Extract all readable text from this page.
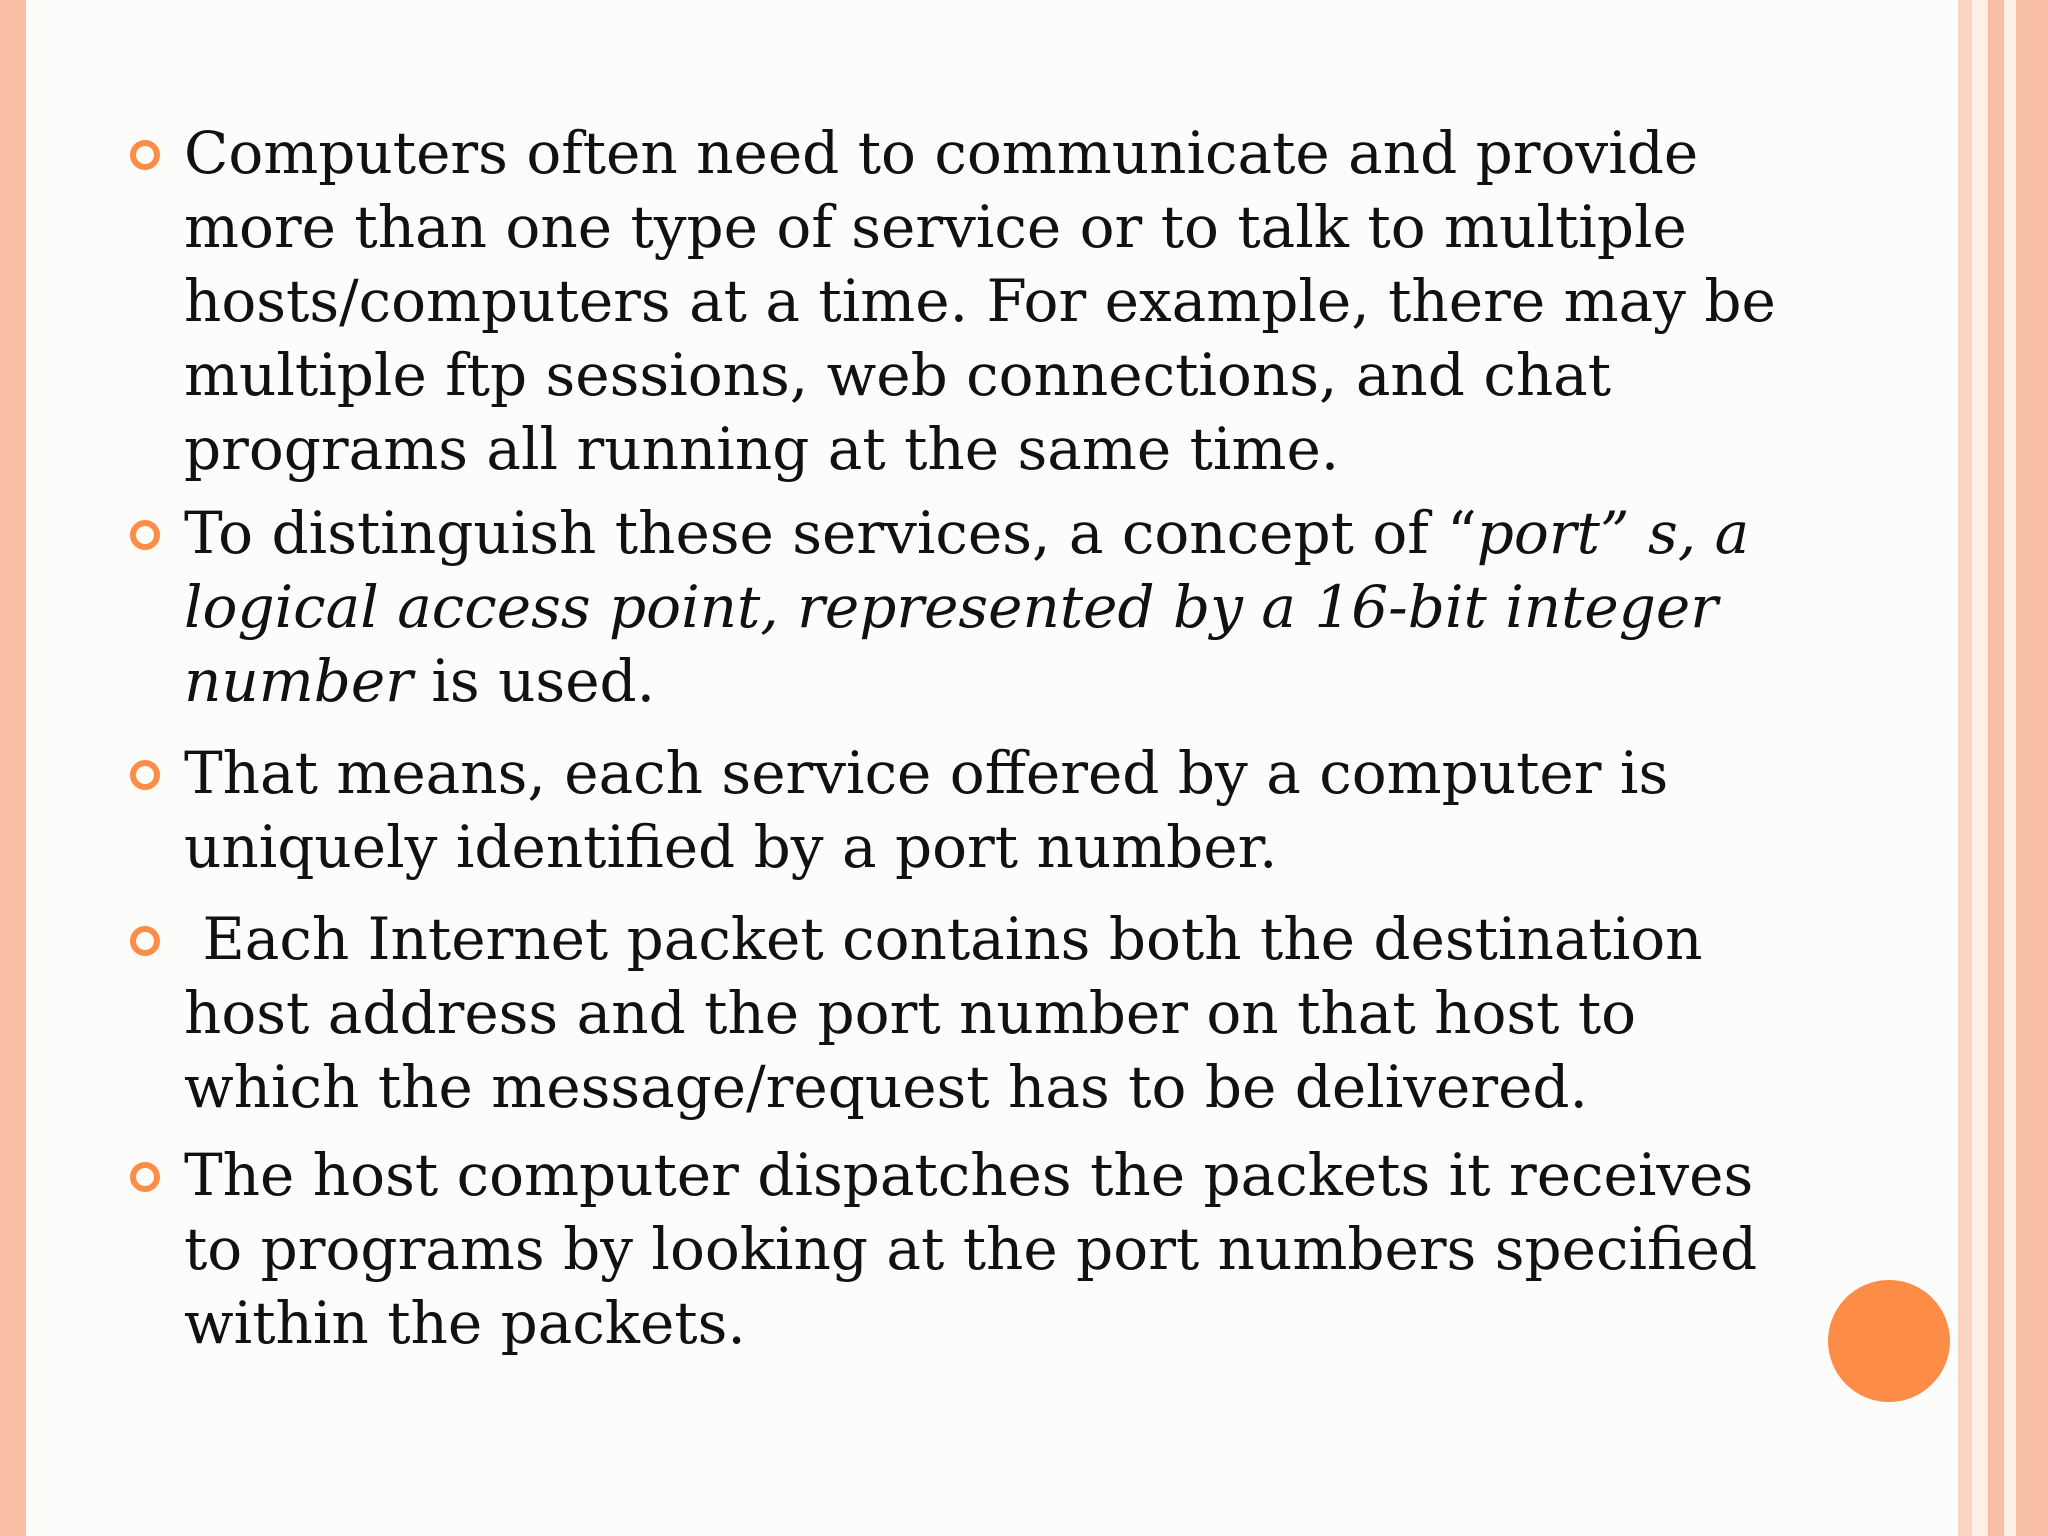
Computers often need to communicate and provide more than one type of service or to talk to multiple hosts/computers at a time. For example, there may be multiple ftp sessions, web connections, and chat programs all running at the same time.
To distinguish these services, a concept of “port” s, a logical access point, represented by a 16-bit integer number is used.
That means, each service offered by a computer is uniquely identified by a port number.
Each Internet packet contains both the destination host address and the port number on that host to which the message/request has to be delivered.
The host computer dispatches the packets it receives to programs by looking at the port numbers specified within the packets.
